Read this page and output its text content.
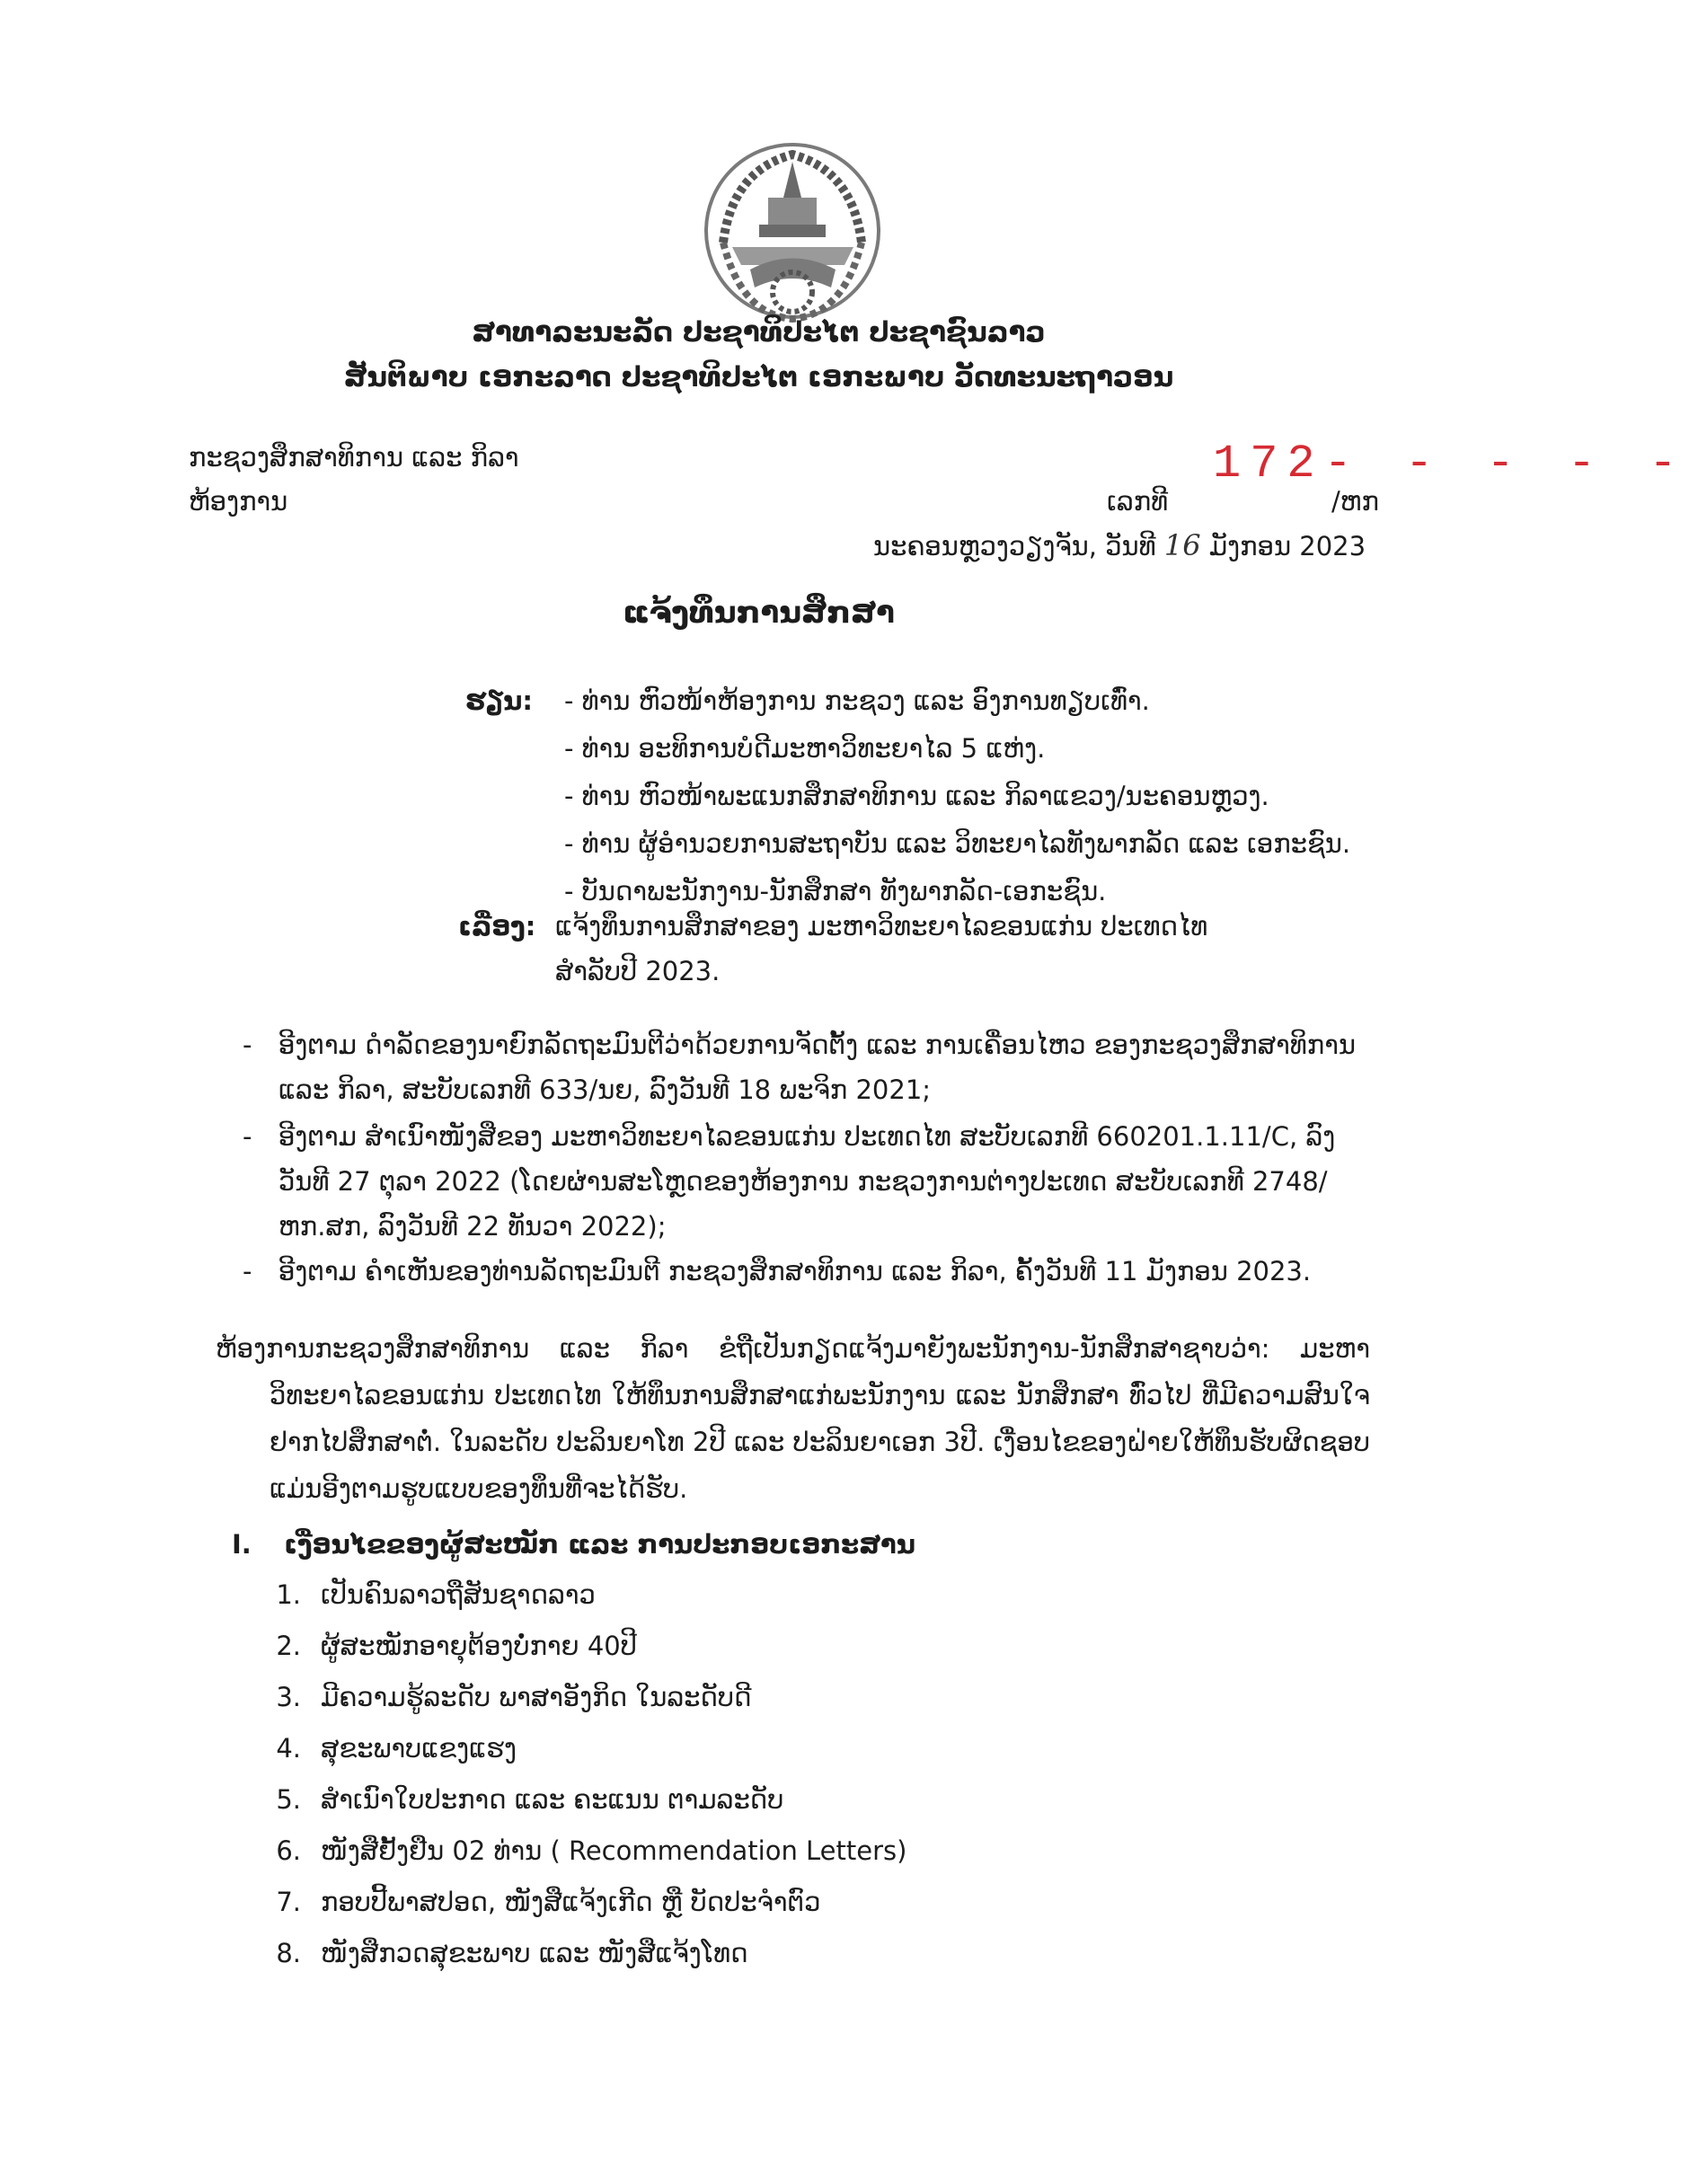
ສາທາລະນະລັດ ປະຊາທິປະໄຕ ປະຊາຊົນລາວ
ສັນຕິພາບ ເອກະລາດ ປະຊາທິປະໄຕ ເອກະພາບ ວັດທະນະຖາວອນ
ກະຊວງສຶກສາທິການ ແລະ ກິລາ
ຫ້ອງການ
172- - - - -
ເລກທີ	/ຫກ
ນະຄອນຫຼວງວຽງຈັນ, ວັນທີ 16 ມັງກອນ 2023
ແຈ້ງທຶນການສຶກສາ
ຮຽນ: - ທ່ານ ຫົວໜ້າຫ້ອງການ ກະຊວງ ແລະ ອົງການທຽບເທົ່າ.
- ທ່ານ ອະທິການບໍດີມະຫາວິທະຍາໄລ 5 ແຫ່ງ.
- ທ່ານ ຫົວໜ້າພະແນກສຶກສາທິການ ແລະ ກິລາແຂວງ/ນະຄອນຫຼວງ.
- ທ່ານ ຜູ້ອຳນວຍການສະຖາບັນ ແລະ ວິທະຍາໄລທັງພາກລັດ ແລະ ເອກະຊົນ.
- ບັນດາພະນັກງານ-ນັກສຶກສາ ທັງພາກລັດ-ເອກະຊົນ.
ເລື່ອງ: ແຈ້ງທຶນການສຶກສາຂອງ ມະຫາວິທະຍາໄລຂອນແກ່ນ ປະເທດໄທ
ສຳລັບປີ 2023.
- ອີງຕາມ ດຳລັດຂອງນາຍົກລັດຖະມົນຕີວ່າດ້ວຍການຈັດຕັ້ງ ແລະ ການເຄື່ອນໄຫວ ຂອງກະຊວງສຶກສາທິການ ແລະ ກິລາ, ສະບັບເລກທີ 633/ນຍ, ລົງວັນທີ 18 ພະຈິກ 2021;
- ອີງຕາມ ສຳເນົາໜັງສືຂອງ ມະຫາວິທະຍາໄລຂອນແກ່ນ ປະເທດໄທ ສະບັບເລກທີ 660201.1.11/C, ລົງວັນທີ 27 ຕຸລາ 2022 (ໂດຍຜ່ານສະໂຫຼດຂອງຫ້ອງການ ກະຊວງການຕ່າງປະເທດ ສະບັບເລກທີ 2748/ຫກ.ສກ, ລົງວັນທີ 22 ທັນວາ 2022);
- ອີງຕາມ ຄຳເຫັນຂອງທ່ານລັດຖະມົນຕີ ກະຊວງສຶກສາທິການ ແລະ ກິລາ, ຄັ້ງວັນທີ 11 ມັງກອນ 2023.
ຫ້ອງການກະຊວງສຶກສາທິການ ແລະ ກິລາ ຂໍຖືເປັນກຽດແຈ້ງມາຍັງພະນັກງານ-ນັກສຶກສາຊາບວ່າ: ມະຫາວິທະຍາໄລຂອນແກ່ນ ປະເທດໄທ ໃຫ້ທຶນການສຶກສາແກ່ພະນັກງານ ແລະ ນັກສຶກສາ ທົ່ວໄປ ທີ່ມີຄວາມສົນໃຈຢາກໄປສຶກສາຕໍ່. ໃນລະດັບ ປະລິນຍາໂທ 2ປີ ແລະ ປະລິນຍາເອກ 3ປີ. ເງື່ອນໄຂຂອງຝ່າຍໃຫ້ທຶນຮັບຜິດຊອບແມ່ນອີງຕາມຮູບແບບຂອງທຶນທີ່ຈະໄດ້ຮັບ.
I. ເງື່ອນໄຂຂອງຜູ້ສະໝັກ ແລະ ການປະກອບເອກະສານ
1. ເປັນຄົນລາວຖືສັນຊາດລາວ
2. ຜູ້ສະໝັກອາຍຸຕ້ອງບໍ່ກາຍ 40ປີ
3. ມີຄວາມຮູ້ລະດັບ ພາສາອັງກິດ ໃນລະດັບດີ
4. ສຸຂະພາບແຂງແຮງ
5. ສຳເນົາໃບປະກາດ ແລະ ຄະແນນ ຕາມລະດັບ
6. ໜັງສືຢັ້ງຢືນ 02 ທ່ານ ( Recommendation Letters)
7. ກອບປີ້ພາສປອດ, ໜັງສືແຈ້ງເກີດ ຫຼື ບັດປະຈຳຕົວ
8. ໜັງສືກວດສຸຂະພາບ ແລະ ໜັງສືແຈ້ງໂທດ
